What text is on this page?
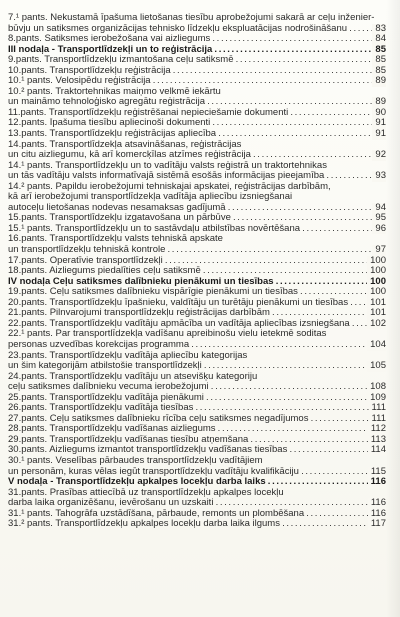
7.¹ pants. Nekustamā īpašuma lietošanas tiesību aprobežojumi sakarā ar ceļu inženier-
būvju un satiksmes organizācijas tehnisko līdzekļu ekspluatācijas nodrošināšanu . . .	83
8.pants. Satiksmes ierobežošana vai aizliegums . . .	84
III nodaļa - Transportlīdzekļi un to reģistrācija . . .	85
9.pants. Transportlīdzekļu izmantošana ceļu satiksmē . . .	85
10.pants. Transportlīdzekļu reģistrācija . . .	85
10.¹ pants. Velosipēdu reģistrācija . . .	89
10.² pants. Traktortehnikas maiņmo velkmē iekārtu
un maināmo tehnoloģisko agregātu reģistrācija . . .	89
11.pants. Transportlīdzekļu reģistrēšanai nepieciešamie dokumenti . . .	90
12.pants. Īpašuma tiesību apliecinoši dokumenti . . .	91
13.pants. Transportlīdzekļu reģistrācijas apliecība . . .	91
14.pants. Transportlīdzekļa atsavināšanas, reģistrācijas
un citu aizliegumu, kā arī komercķīlas atzīmes reģistrācija . . .	92
14.¹ pants. Transportlīdzekļu un to vadītāju valsts reģistrā un traktortehnikas
un tās vadītāju valsts informatīvajā sistēmā esošās informācijas pieejamība . . .	93
14.² pants. Papildu ierobežojumi tehniskajai apskatei, reģistrācijas darbībām,
kā arī ierobežojumi transportlīdzekļa vadītāja apliecību izsniegšanai
autoceļu lietošanas nodevas nesamaksas gadījumā . . .	94
15.pants. Transportlīdzekļu izgatavošana un pārbūve . . .	95
15.¹ pants. Transportlīdzekļu un to sastāvdaļu atbilstības novērtēšana . . .	96
16.pants. Transportlīdzekļu valsts tehniskā apskate
un transportlīdzekļu tehniskā kontrole . . .	97
17.pants. Operatīvie transportlīdzekļi . . .	100
18.pants. Aizliegums piedalīties ceļu satiksmē . . .	100
IV nodaļa Ceļu satiksmes dalībnieku pienākumi un tiesības . . .	100
19.pants. Ceļu satiksmes dalībnieku vispārīgie pienākumi un tiesības . . .	100
20.pants. Transportlīdzekļu īpašnieku, valdītāju un turētāju pienākumi un tiesības . . .	101
21.pants. Pilnvarojumi transportlīdzekļu reģistrācijas darbībām . . .	101
22.pants. Transportlīdzekļu vadītāju apmācība un vadītāja apliecības izsniegšana . . .	102
22.¹ pants. Par transportlīdzekļa vadīšanu apreibinošu vielu ietekmē soditas
personas uzvedības korekcijas programma . . .	104
23.pants. Transportlīdzekļu vadītāja apliecību kategorijas
un šim kategorijām atbilstošie transportlīdzekļi . . .	105
24.pants. Transportlīdzekļu vadītāju un atsevišķu kategoriju
ceļu satiksmes dalībnieku vecuma ierobežojumi . . .	108
25.pants. Transportlīdzekļu vadītāja pienākumi . . .	109
26.pants. Transportlīdzekļu vadītāja tiesības . . .	111
27.pants. Ceļu satiksmes dalībnieku rīcība ceļu satiksmes negadījumos . . .	111
28.pants. Transportlīdzekļu vadīšanas aizliegums . . .	112
29.pants. Transportlīdzekļu vadīšanas tiesību atņemšana . . .	113
30.pants. Aizliegums izmantot transportlīdzekļu vadīšanas tiesības . . .	114
30.¹ pants. Veselības pārbaudes transportlīdzekļu vadītājiem
un personām, kuras vēlas iegūt transportlīdzekļu vadītāju kvalifikāciju . . .	115
V nodaļa - Transportlīdzekļu apkalpes locekļu darba laiks . . .	116
31.pants. Prasības attiecībā uz transportlīdzekļu apkalpes locekļu
darba laika organizēšanu, ievērošanu un uzskaiti . . .	116
31.¹ pants. Tahogrāfa uzstādīšana, pārbaude, remonts un plombēšana . . .	116
31.² pants. Transportlīdzekļu apkalpes locekļu darba laika ilgums . . .	117
